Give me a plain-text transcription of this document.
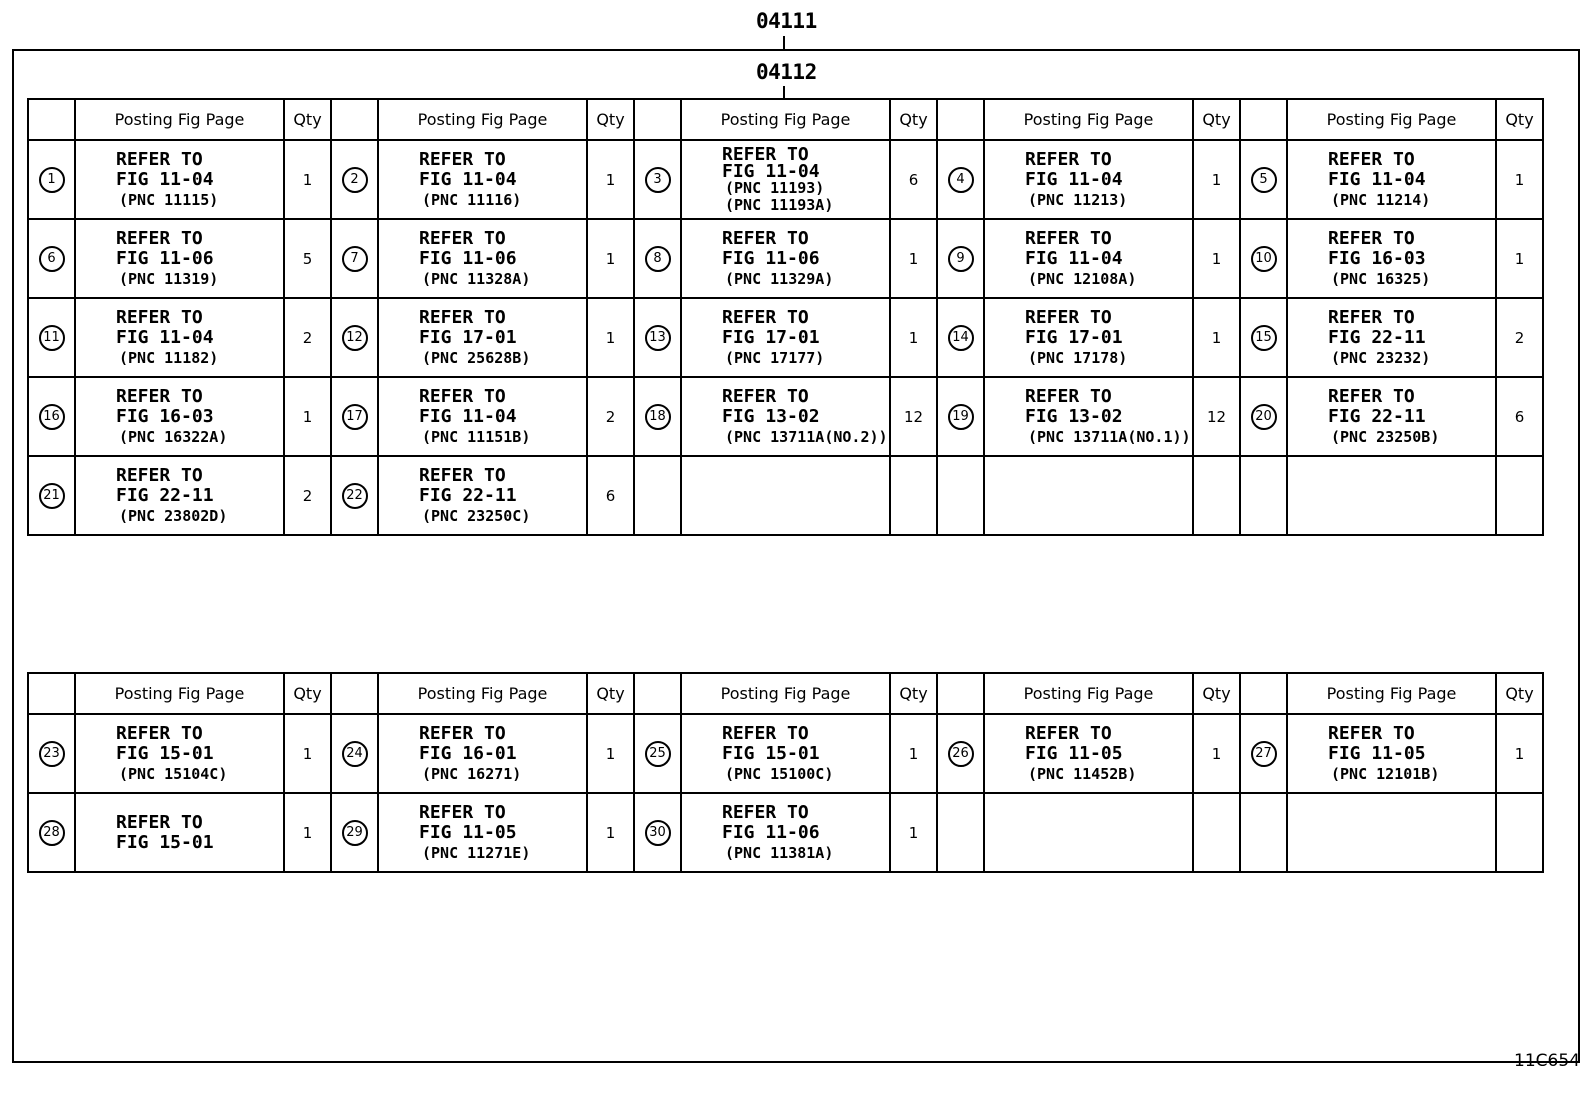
04111
04112
	Posting Fig Page	Qty		Posting Fig Page	Qty		Posting Fig Page	Qty		Posting Fig Page	Qty		Posting Fig Page	Qty
1	REFER TO
FIG 11-04
(PNC 11115)	1	2	REFER TO
FIG 11-04
(PNC 11116)	1	3	REFER TO
FIG 11-04
(PNC 11193)
(PNC 11193A)	6	4	REFER TO
FIG 11-04
(PNC 11213)	1	5	REFER TO
FIG 11-04
(PNC 11214)	1
6	REFER TO
FIG 11-06
(PNC 11319)	5	7	REFER TO
FIG 11-06
(PNC 11328A)	1	8	REFER TO
FIG 11-06
(PNC 11329A)	1	9	REFER TO
FIG 11-04
(PNC 12108A)	1	10	REFER TO
FIG 16-03
(PNC 16325)	1
11	REFER TO
FIG 11-04
(PNC 11182)	2	12	REFER TO
FIG 17-01
(PNC 25628B)	1	13	REFER TO
FIG 17-01
(PNC 17177)	1	14	REFER TO
FIG 17-01
(PNC 17178)	1	15	REFER TO
FIG 22-11
(PNC 23232)	2
16	REFER TO
FIG 16-03
(PNC 16322A)	1	17	REFER TO
FIG 11-04
(PNC 11151B)	2	18	REFER TO
FIG 13-02
(PNC 13711A(NO.2))	12	19	REFER TO
FIG 13-02
(PNC 13711A(NO.1))	12	20	REFER TO
FIG 22-11
(PNC 23250B)	6
21	REFER TO
FIG 22-11
(PNC 23802D)	2	22	REFER TO
FIG 22-11
(PNC 23250C)	6									
	Posting Fig Page	Qty		Posting Fig Page	Qty		Posting Fig Page	Qty		Posting Fig Page	Qty		Posting Fig Page	Qty
23	REFER TO
FIG 15-01
(PNC 15104C)	1	24	REFER TO
FIG 16-01
(PNC 16271)	1	25	REFER TO
FIG 15-01
(PNC 15100C)	1	26	REFER TO
FIG 11-05
(PNC 11452B)	1	27	REFER TO
FIG 11-05
(PNC 12101B)	1
28	REFER TO
FIG 15-01	1	29	REFER TO
FIG 11-05
(PNC 11271E)	1	30	REFER TO
FIG 11-06
(PNC 11381A)	1						
11C654
